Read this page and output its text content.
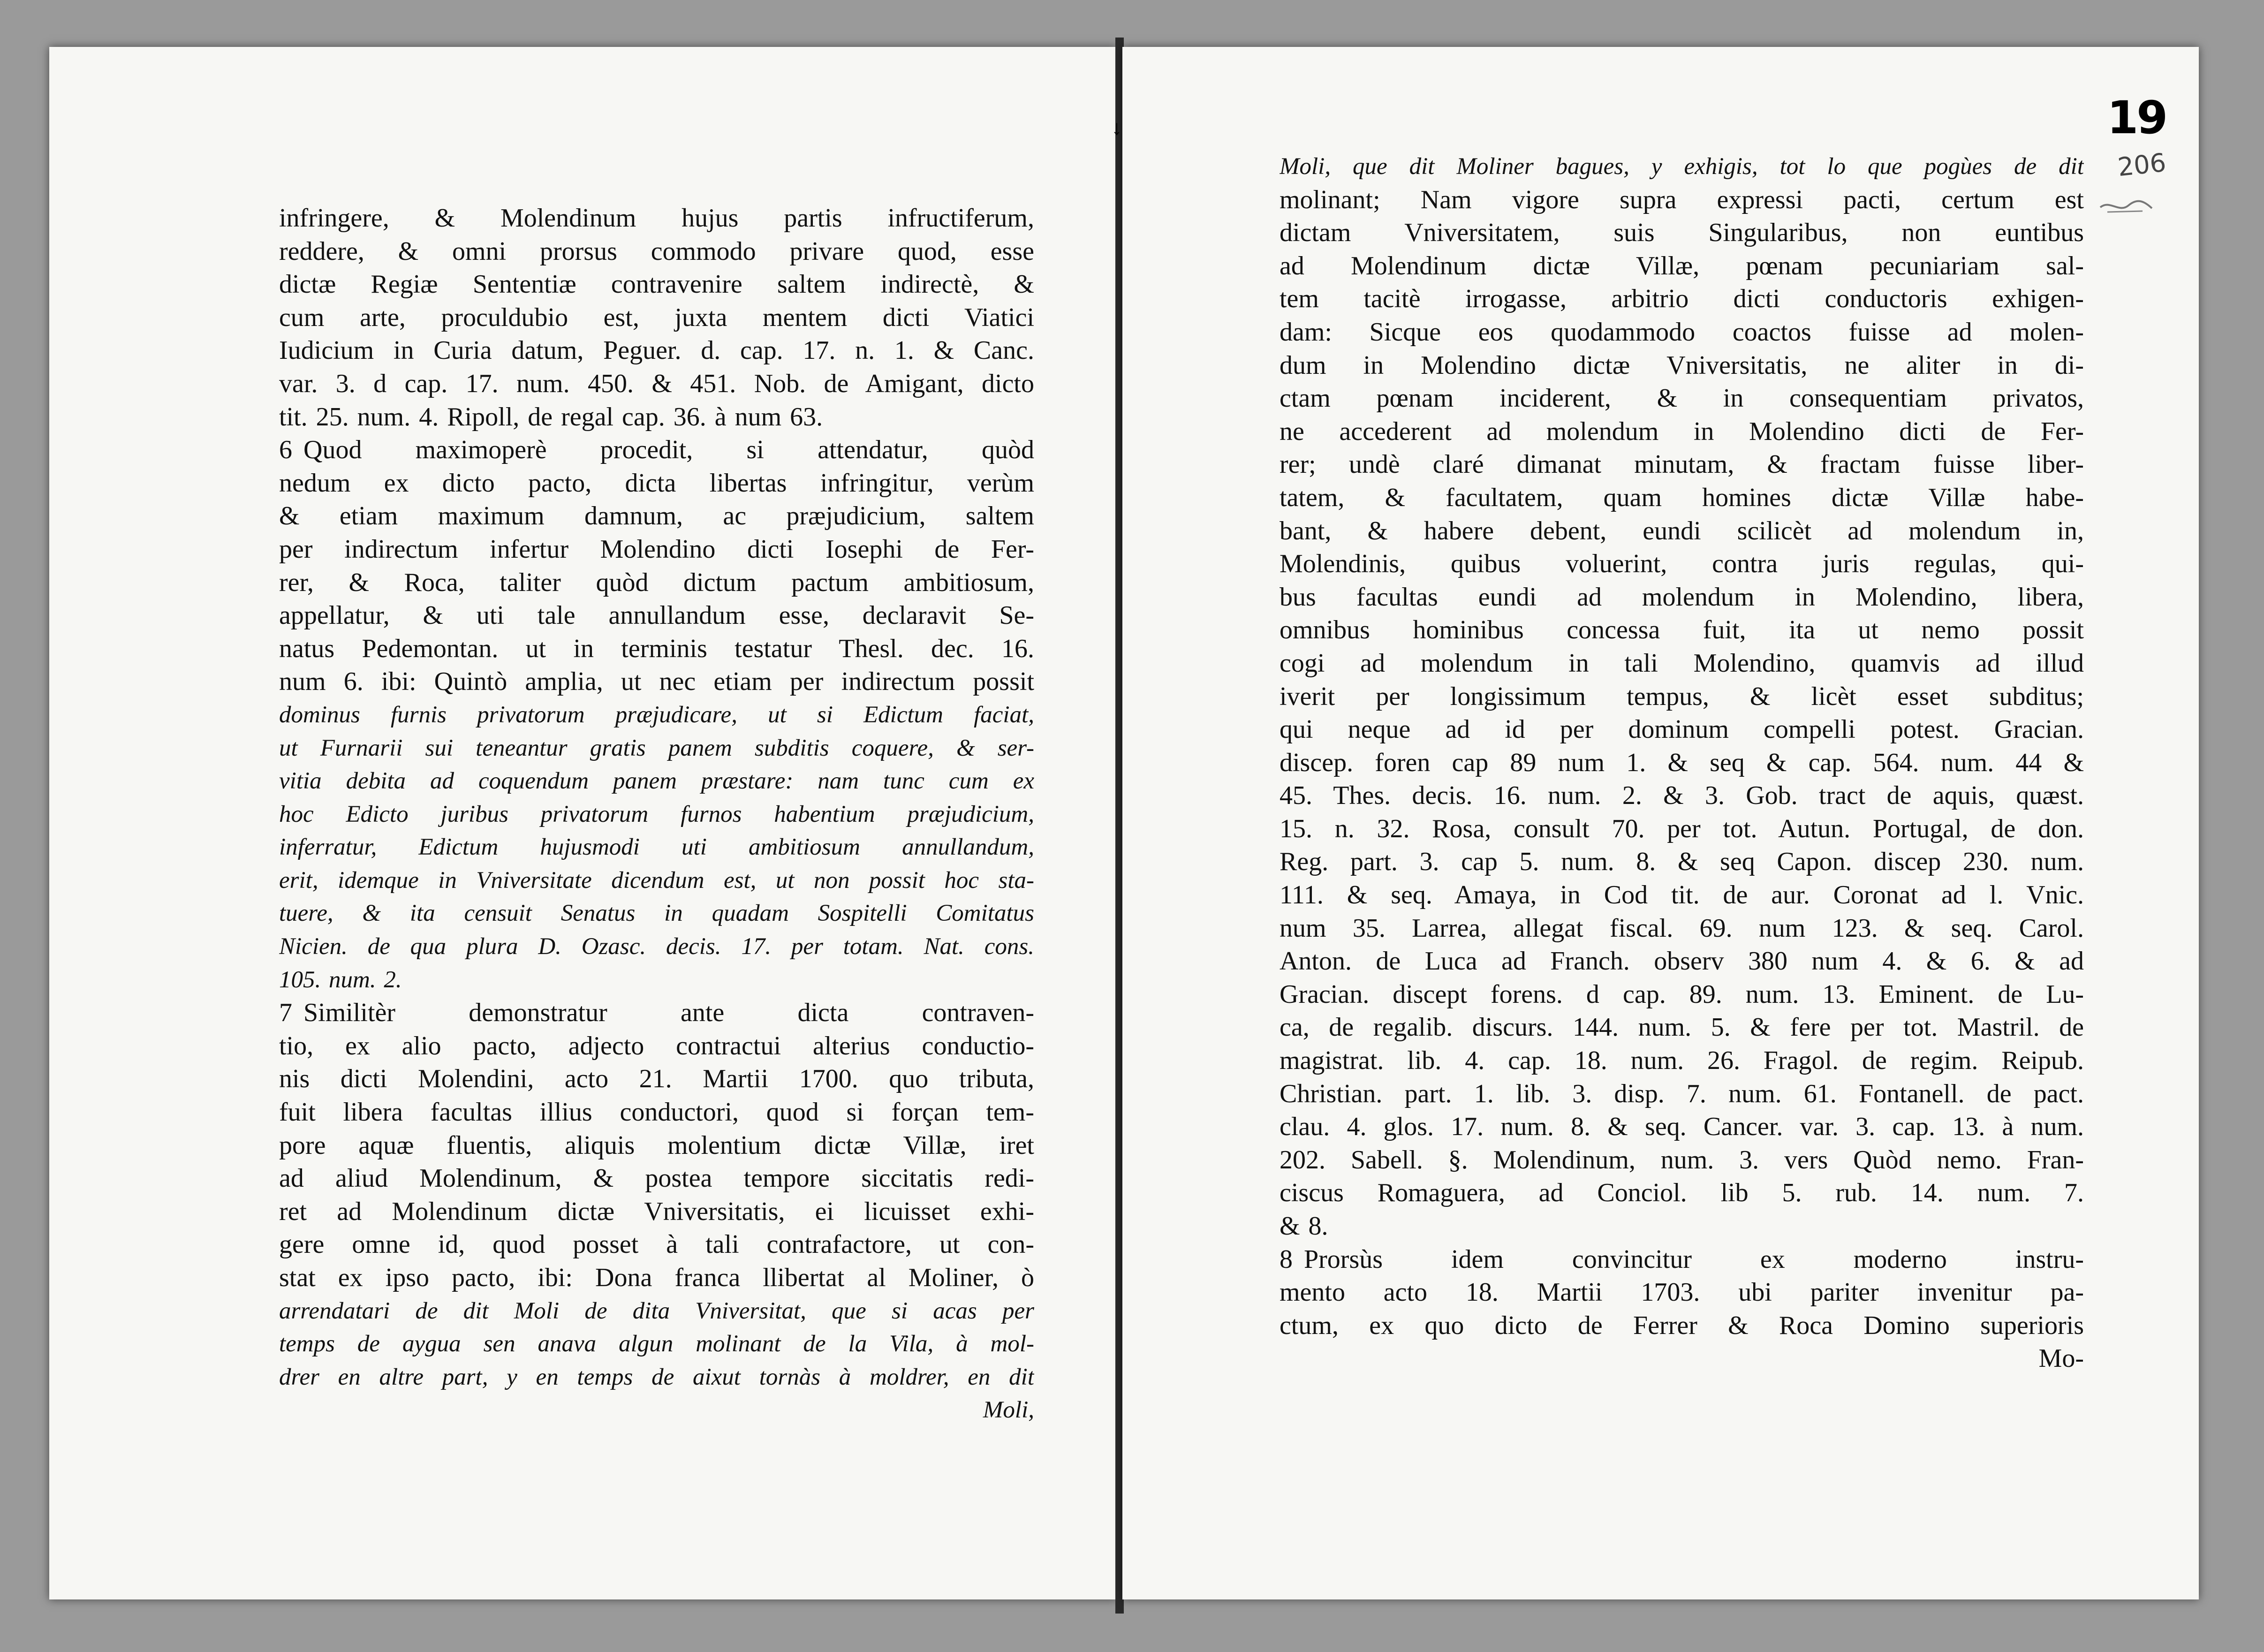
infringere, & Molendinum hujus partis infructiferum,
reddere, & omni prorsus commodo privare quod, esse
dictæ Regiæ Sententiæ contravenire saltem indirectè, &
cum arte, proculdubio est, juxta mentem dicti Viatici
Iudicium in Curia datum, Peguer. d. cap. 17. n. 1. & Canc.
var. 3. d cap. 17. num. 450. & 451. Nob. de Amigant, dicto
tit. 25. num. 4. Ripoll, de regal cap. 36. à num 63.
6 Quod maximoperè procedit, si attendatur, quòd
nedum ex dicto pacto, dicta libertas infringitur, verùm
& etiam maximum damnum, ac præjudicium, saltem
per indirectum infertur Molendino dicti Iosephi de Fer-
rer, & Roca, taliter quòd dictum pactum ambitiosum,
appellatur, & uti tale annullandum esse, declaravit Se-
natus Pedemontan. ut in terminis testatur Thesl. dec. 16.
num 6. ibi: Quintò amplia, ut nec etiam per indirectum possit
dominus furnis privatorum præjudicare, ut si Edictum faciat,
ut Furnarii sui teneantur gratis panem subditis coquere, & ser-
vitia debita ad coquendum panem præstare: nam tunc cum ex
hoc Edicto juribus privatorum furnos habentium præjudicium,
inferratur, Edictum hujusmodi uti ambitiosum annullandum,
erit, idemque in Vniversitate dicendum est, ut non possit hoc sta-
tuere, & ita censuit Senatus in quadam Sospitelli Comitatus
Nicien. de qua plura D. Ozasc. decis. 17. per totam. Nat. cons.
105. num. 2.
7 Similitèr demonstratur ante dicta contraven-
tio, ex alio pacto, adjecto contractui alterius conductio-
nis dicti Molendini, acto 21. Martii 1700. quo tributa,
fuit libera facultas illius conductori, quod si forçan tem-
pore aquæ fluentis, aliquis molentium dictæ Villæ, iret
ad aliud Molendinum, & postea tempore siccitatis redi-
ret ad Molendinum dictæ Vniversitatis, ei licuisset exhi-
gere omne id, quod posset à tali contrafactore, ut con-
stat ex ipso pacto, ibi: Dona franca llibertat al Moliner, ò
arrendatari de dit Moli de dita Vniversitat, que si acas per
temps de aygua sen anava algun molinant de la Vila, à mol-
drer en altre part, y en temps de aixut tornàs à moldrer, en dit
Moli,
↓	19
206
Moli, que dit Moliner bagues, y exhigis, tot lo que pogùes de dit
molinant; Nam vigore supra expressi pacti, certum est
dictam Vniversitatem, suis Singularibus, non euntibus
ad Molendinum dictæ Villæ, pœnam pecuniariam sal-
tem tacitè irrogasse, arbitrio dicti conductoris exhigen-
dam: Sicque eos quodammodo coactos fuisse ad molen-
dum in Molendino dictæ Vniversitatis, ne aliter in di-
ctam pœnam inciderent, & in consequentiam privatos,
ne accederent ad molendum in Molendino dicti de Fer-
rer; undè claré dimanat minutam, & fractam fuisse liber-
tatem, & facultatem, quam homines dictæ Villæ habe-
bant, & habere debent, eundi scilicèt ad molendum in,
Molendinis, quibus voluerint, contra juris regulas, qui-
bus facultas eundi ad molendum in Molendino, libera,
omnibus hominibus concessa fuit, ita ut nemo possit
cogi ad molendum in tali Molendino, quamvis ad illud
iverit per longissimum tempus, & licèt esset subditus;
qui neque ad id per dominum compelli potest. Gracian.
discep. foren cap 89 num 1. & seq & cap. 564. num. 44 &
45. Thes. decis. 16. num. 2. & 3. Gob. tract de aquis, quæst.
15. n. 32. Rosa, consult 70. per tot. Autun. Portugal, de don.
Reg. part. 3. cap 5. num. 8. & seq Capon. discep 230. num.
111. & seq. Amaya, in Cod tit. de aur. Coronat ad l. Vnic.
num 35. Larrea, allegat fiscal. 69. num 123. & seq. Carol.
Anton. de Luca ad Franch. observ 380 num 4. & 6. & ad
Gracian. discept forens. d cap. 89. num. 13. Eminent. de Lu-
ca, de regalib. discurs. 144. num. 5. & fere per tot. Mastril. de
magistrat. lib. 4. cap. 18. num. 26. Fragol. de regim. Reipub.
Christian. part. 1. lib. 3. disp. 7. num. 61. Fontanell. de pact.
clau. 4. glos. 17. num. 8. & seq. Cancer. var. 3. cap. 13. à num.
202. Sabell. §. Molendinum, num. 3. vers Quòd nemo. Fran-
ciscus Romaguera, ad Conciol. lib 5. rub. 14. num. 7.
& 8.
8 Prorsùs idem convincitur ex moderno instru-
mento acto 18. Martii 1703. ubi pariter invenitur pa-
ctum, ex quo dicto de Ferrer & Roca Domino superioris
Mo-
